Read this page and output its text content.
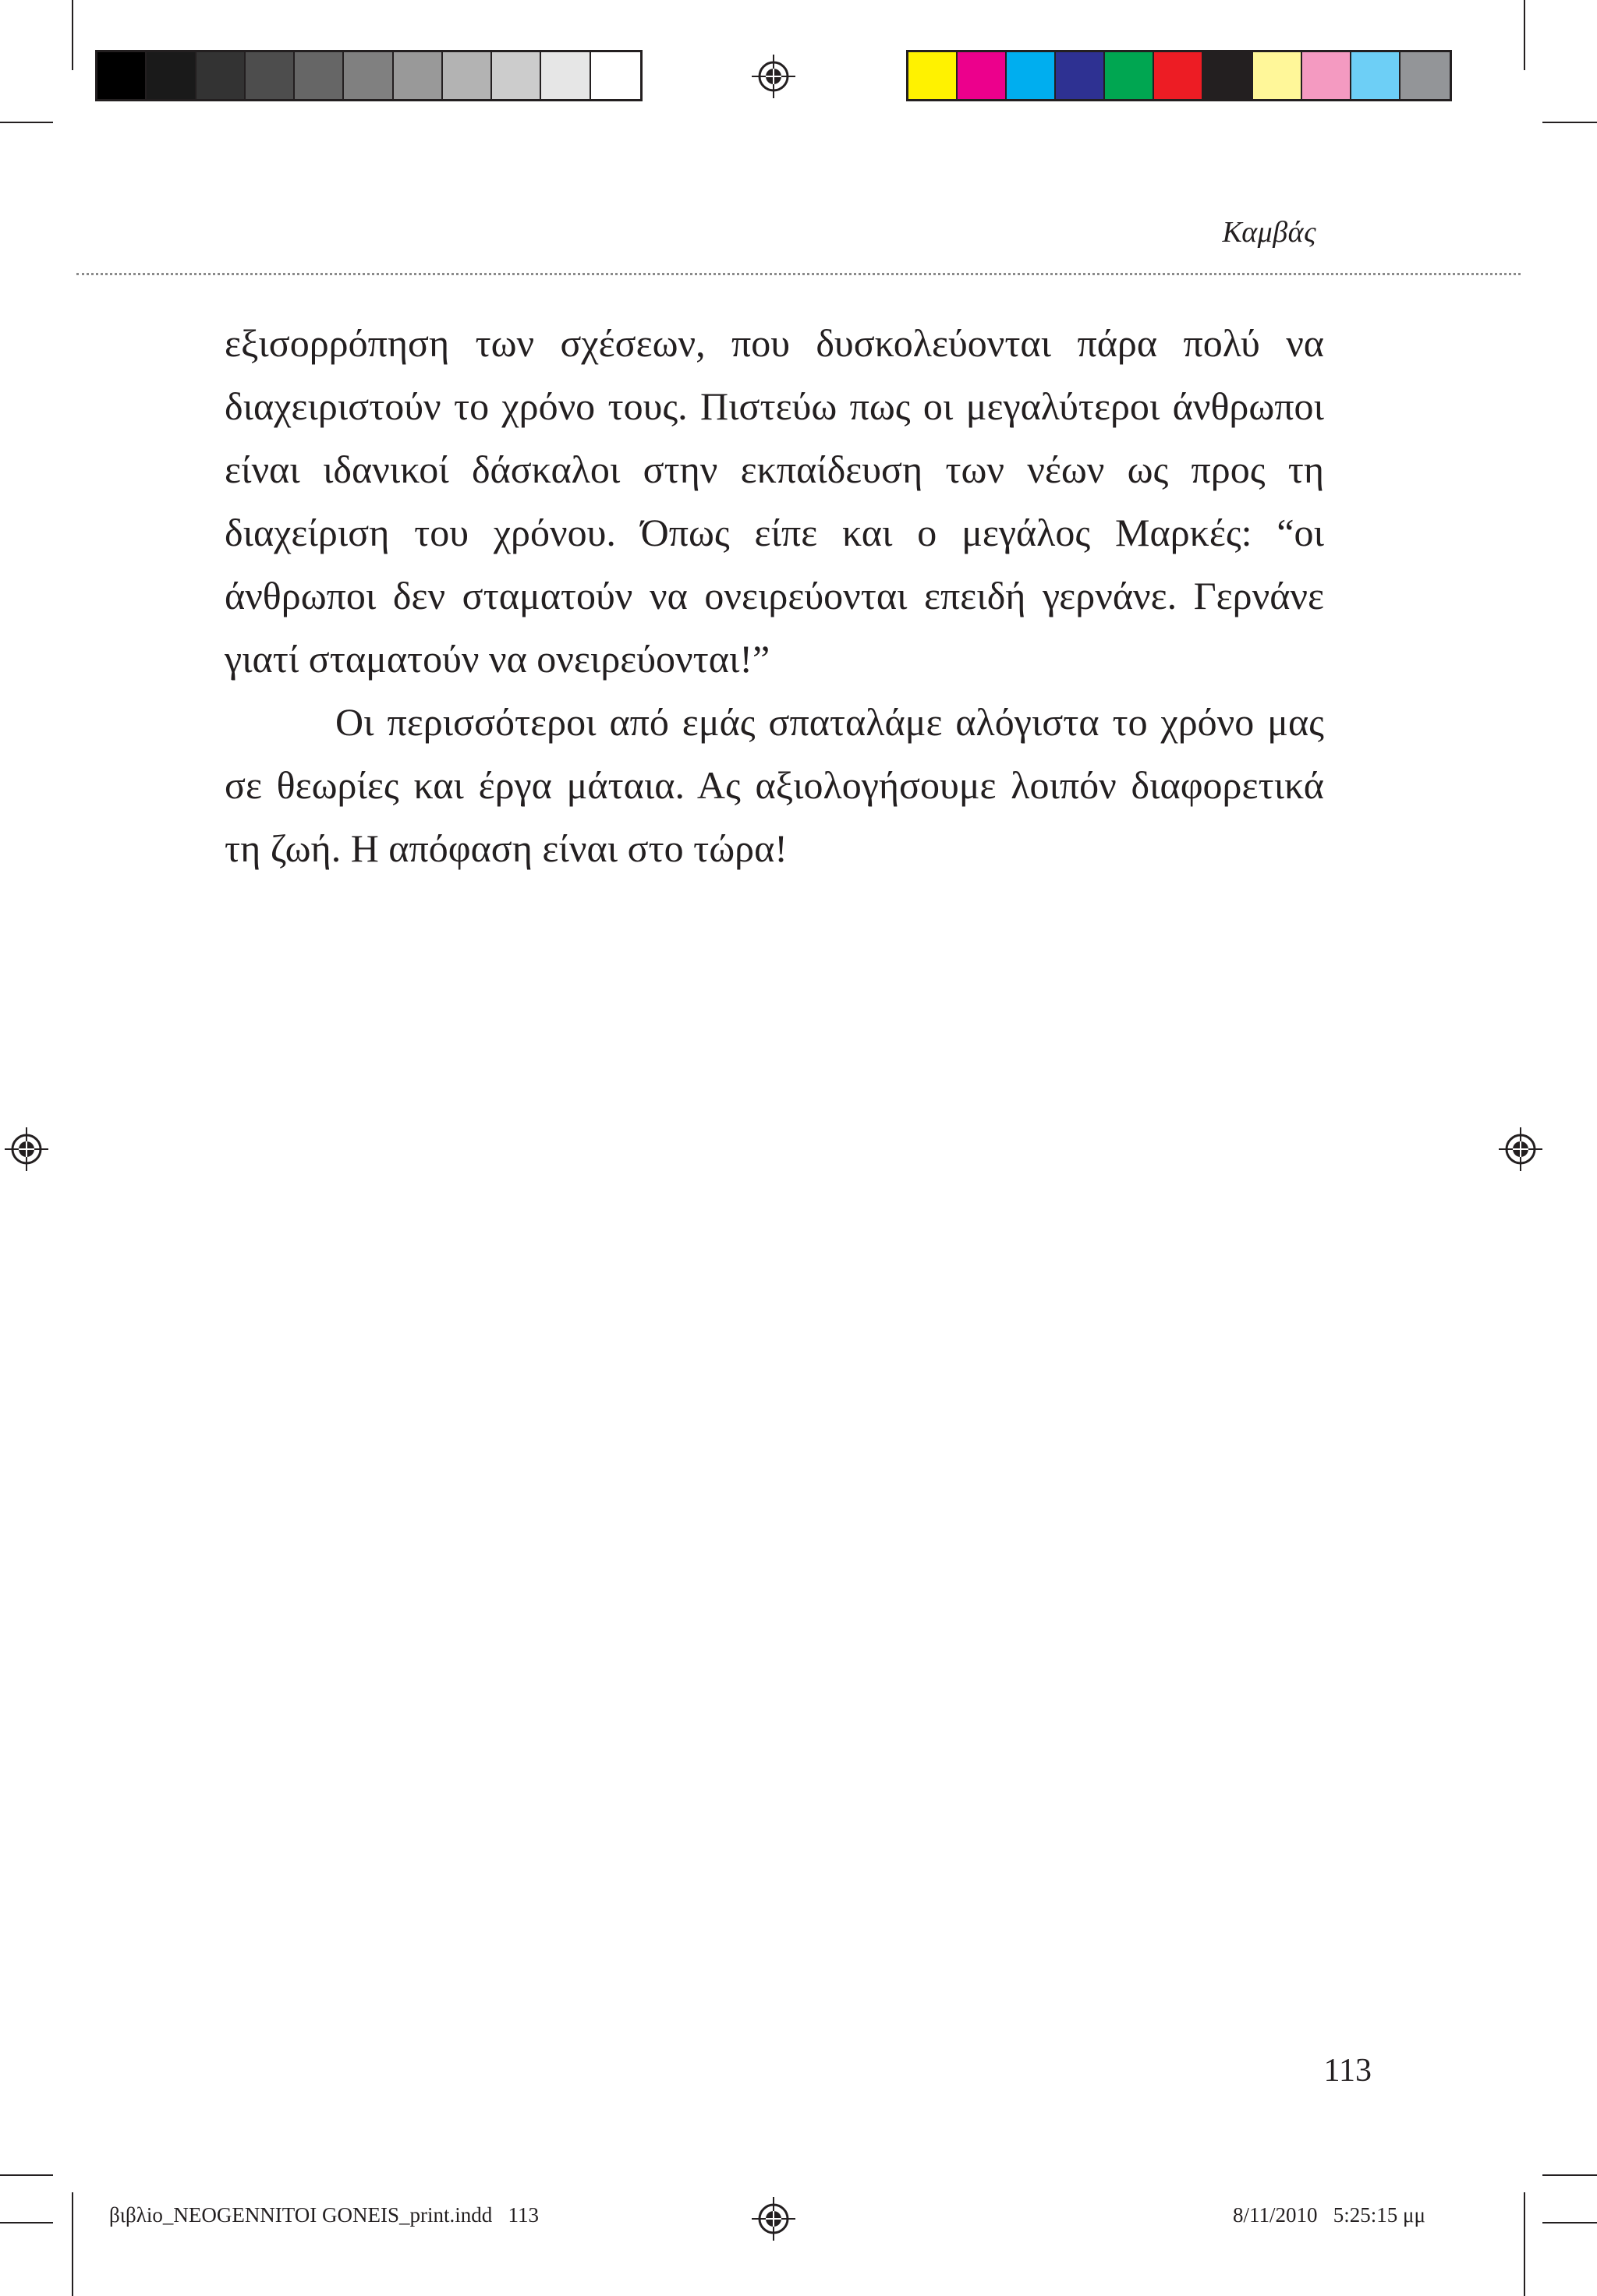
Καμβάς

εξισορρόπηση των σχέσεων, που δυσκολεύονται πάρα πολύ να διαχειριστούν το χρόνο τους. Πιστεύω πως οι μεγαλύτεροι άνθρωποι είναι ιδανικοί δάσκαλοι στην εκπαίδευση των νέων ως προς τη διαχείριση του χρόνου. Όπως είπε και ο μεγάλος Μαρκές: “οι άνθρωποι δεν σταματούν να ονειρεύονται επειδή γερνάνε. Γερνάνε γιατί σταματούν να ονειρεύονται!”

Οι περισσότεροι από εμάς σπαταλάμε αλόγιστα το χρόνο μας σε θεωρίες και έργα μάταια. Ας αξιολογήσουμε λοιπόν διαφορετικά τη ζωή. Η απόφαση είναι στο τώρα!

113
βιβλio_NEOGENNITOI GONEIS_print.indd   113	8/11/2010   5:25:15 μμ
